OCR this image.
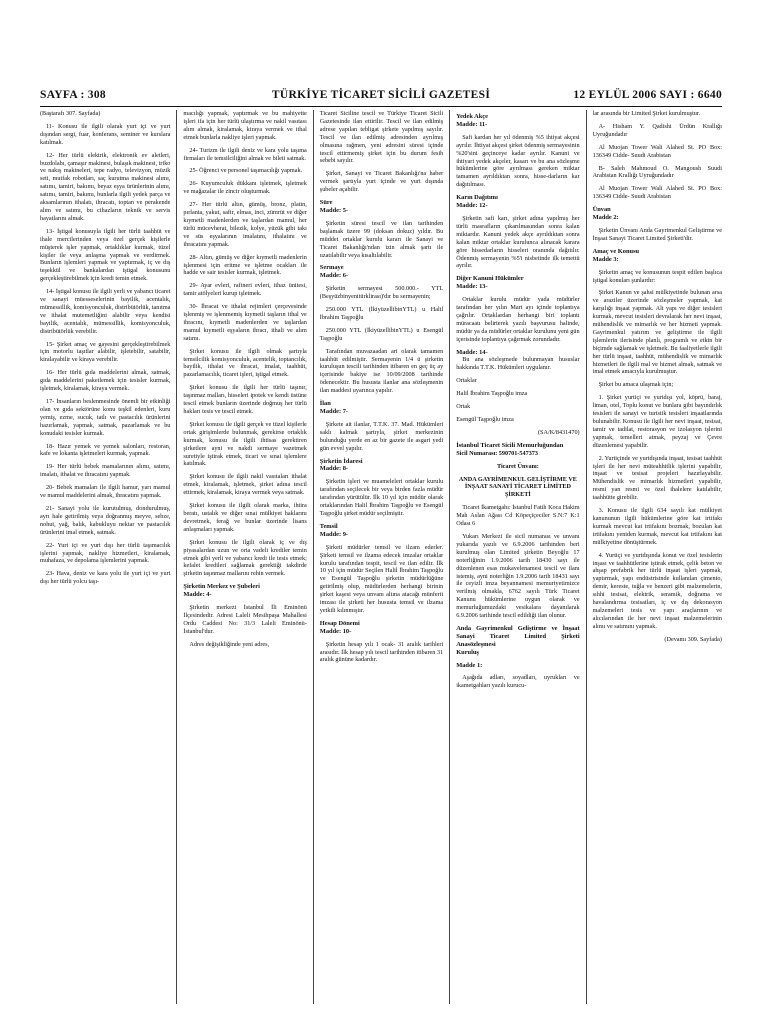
SAYFA : 308	TÜRKİYE TİCARET SİCİLİ GAZETESİ	12 EYLÜL 2006 SAYI : 6640

(Baştarafı 307. Sayfada)

11- Konusu ile ilgili olarak yurt içi ve yurt dışından sergi, fuar, konferans, seminer ve kurslara katılmak.

12- Her türlü elektrik, elektronik ev aletleri, buzdolabı, çamaşır makinesi, bulaşık makinesi, triko ve nakış makineleri, tepe radyo, televizyon, müzik seti, mutfak robotları, saç kurutma makinesi alımı, satımı, tamiri, bakımı, beyaz eşya ürünlerinin alımı, satımı, tamiri, bakımı, bunlarla ilgili yedek parça ve aksamlarının ithalatı, ihracatı, toptan ve perakende alım ve satımı, bu cihazların teknik ve servis hayatlarını almak.

13- İştigal konusuyla ilgili her türlü taahhüt ve ihale mercilerinden veya özel gerçek kişilerle müşterek işler yapmak, ortaklıklar kurmak, tüzel kişiler ile veya anlaşma yapmak ve verdirmek. Bunların işlemleri yapmak ve yaptırmak, iç ve dış teşekkül ve bankalardan iştigal konusunu gerçekleştirebilmek için kredi temin etmek.

14- İştigal konusu ile ilgili yerli ve yabancı ticaret ve sanayi müesseselerinin bayilik, acentalık, mümessillik, komisyonculuk, distribütörlük, tanıtma ve ithalat mutemetliğini alabilir veya kendisi bayilik, acentalık, mümessillik, komisyonculuk, distribütörlük verebilir.

15- Şirket amaç ve gayesini gerçekleştirebilmek için motorlu taşıtlar alabilir, işletebilir, satabilir, kiralayabilir ve kiraya verebilir.

16- Her türlü gıda maddelerini almak, satmak, gıda maddelerini paketlemek için tesisler kurmak, işletmek, kiralamak, kiraya vermek.

17- İnsanların beslenmesinde önemli bir etkinliği olan ve gıda sektörüne konu teşkil edenleri, kuru yemiş, ezme, sucuk, tatlı ve pastacılık ürünlerini hazırlamak, yapmak, satmak, pazarlamak ve bu konudaki tesisler kurmak.

18- Hazır yemek ve yemek salonları, restoran, kafe ve lokanta işletmeleri kurmak, yapmak.

19- Her türlü bebek mamalarının alımı, satımı, imalatı, ithalat ve ihracatını yapmak.

20- Bebek mamaları ile ilgili hamur, yarı mamul ve mamul maddelerini almak, ihracatını yapmak.

21- Sanayi yolu ile kurutulmuş, dondurulmuş, ayrı hale getirilmiş veya doğranmış meyve, sebze, nohut, yağ, balık, kabukluyu nektar ve pastacılık ürünlerini imal etmek, satmak.

22- Yurt içi ve yurt dışı her türlü taşımacılık işlerini yapmak, nakliye hizmetleri, kiralamak, muhafaza, ve depolama işlemlerini yapmak.

23- Hava, deniz ve kara yolu ile yurt içi ve yurt dışı her türlü yolcu taşı-

macılığı yapmak, yaptırmak ve bu mahiyette işleri ifa için her türlü ulaştırma ve nakil vasıtası alım almak, kiralamak, kiraya vermek ve ithal etmek bunlarla nakliye işleri yapmak.

24- Turizm ile ilgili deniz ve kara yolu taşıma firmaları ile temsilciliğini almak ve bileti satmak.

25- Öğrenci ve personel taşımacılığı yapmak.

26- Kuyumculuk dükkanı işletmek, işletmek ve mağazalar ile zincir oluşturmak.

27- Her türlü altın, gümüş, bronz, platin, pırlanta, yakut, safir, elmas, inci, zümrüt ve diğer kıymetli madenlerden ve taşlardan mamul, her türlü mücevherat, bilezik, kolye, yüzük gibi takı ve süs eşyalarının imalatını, ithalatını ve ihracatını yapmak.

28- Altın, gümüş ve diğer kıymetli madenlerin işlenmesi için eritme ve işletme ocakları ile hadde ve sair tesisler kurmak, işletmek.

29- Ayar evleri, rafineri evleri, ithaz ünitesi, tamir atölyeleri kurup işletmek.

30- İhracat ve ithalat rejimleri çerçevesinde işlenmiş ve işlenmemiş kıymetli taşların ithal ve ihracını, kıymetli madenlerden ve taşlardan mamul kıymetli eşyaların ihracı, ithali ve alım satımı.

Şirket konusu ile ilgili olmak şartıyla temsilcilik komisyonculuk, acentelik, toptancılık, bayilik, ithalat ve ihracat, imalat, taahhüt, pazarlamacılık, ticaret işleri, iştigal etmek.

Şirket konusu ile ilgili her türlü taşınır, taşınmaz malları, hisseleri ipotek ve kendi üstüne tescil etmek bunların üzerinde doğmuş her türlü hakları tesis ve tescil etmek.

Şirket konusu ile ilgili gerçek ve tüzel kişilerle ortak girişimlerde bulunmak, gerekirse ortaklık kurmak, konusu ile ilgili ihtisas gerektiren şirketlere ayni ve nakdi sermaye vazetmek suretiyle iştirak etmek, ticari ve sınai işlemlere katılmak.

Şirket konusu ile ilgili nakil vasıtaları ithalat etmek, kiralamak, işletmek, şirket adına tescil ettirmek, kiralamak, kiraya vermek veya satmak.

Şirket konusu ile ilgili olarak marka, ihtira beratı, ustalık ve diğer sınai mülkiyet haklarını devretmek, ferağ ve bunlar üzerinde lisans anlaşmaları yapmak.

Şirket konusu ile ilgili olarak iç ve dış piyasalardan uzun ve orta vadeli krediler temin etmek gibi yerli ve yabancı kredi ile tesis etmek; kefalet kredileri sağlamak gerektiği takdirde şirketin taşınmaz mallarını rehin vermek.

Şirketin Merkez ve Şubeleri
Madde: 4-

Şirketin merkezi İstanbul İli Eminönü İlçesindedir. Adresi Laleli Mesihpaşa Mahallesi Ordu Caddesi No: 31/3 Laleli Eminönü- İstanbul'dur.

Adres değişikliğinde yeni adres,

Ticaret Siciline tescil ve Türkiye Ticaret Sicili Gazetesinde ilan ettirilir. Tescil ve ilan edilmiş adrese yapılan tebligat şirkete yapılmış sayılır. Tescil ve ilan edilmiş adresinden ayrılmış olmasına rağmen, yeni adresini süresi içinde tescil ettirmemiş şirket için bu durum fesih sebebi sayılır.

Şirket, Sanayi ve Ticaret Bakanlığı'na haber vermek şartıyla yurt içinde ve yurt dışında şubeler açabilir.

Süre
Madde: 5-

Şirketin süresi tescil ve ilan tarihinden başlamak üzere 99 (doksan dokuz) yıldır. Bu müddet ortaklar kurulu kararı ile Sanayi ve Ticaret Bakanlığı'ndan izin almak şartı ile uzatılabilir veya kısaltılabilir.

Sermaye
Madde: 6-

Şirketin sermayesi 500.000.- YTL (Beşyüzbinyenitürklirası)'dır bu sermayenin;

250.000 YTL (İkiyüzellibinYTL) u Halil İbrahim Taşpoğlu

250.000 YTL (İkiyüzellibinYTL) u Esengül Taşpoğlu

Tarafından muvazaadan ari olarak tamamen taahhüt edilmiştir. Sermayenin 1/4 ü şirketin kuruluşun tescili tarihinden itibaren en geç üç ay içerisinde bakiye ise 10/09/2008 tarihinde ödenecektir. Bu hususta ilanlar ana sözleşmenin ilan maddesi uyarınca yapılır.

İlan
Madde: 7-

Şirkete ait ilanlar, T.T.K. 37. Mad. Hükümleri saklı kalmak şartıyla, şirket merkezinin bulunduğu yerde en az bir gazete ile asgari yedi gün evvel yapılır.

Şirketin İdaresi
Madde: 8-

Şirketin işleri ve muameleleri ortaklar kurulu tarafından seçilecek bir veya birden fazla müdür tarafından yürütülür. İlk 10 yıl için müdür olarak ortaklarından Halil İbrahim Taşpoğlu ve Esengül Taşpoğlu şirket müdür seçilmiştir.

Temsil
Madde: 9-

Şirketi müdürler temsil ve ilzam ederler. Şirketi temsil ve ilzama edecek imzalar ortaklar kurulu tarafından tespit, tescil ve ilan edilir. İlk 10 yıl için müdür Seçilen Halil İbrahim Taşpoğlu ve Esengül Taşpoğlu şirketin müdürlüğüne getirilmiş olup, müdürlerden herhangi birinin şirket kaşesi veya unvanı altına atacağı münferit imzası ile şirketi her hususta temsil ve ilzama yetkili kılınmıştır.

Hesap Dönemi
Madde: 10-

Şirketin hesap yılı 1 ocak- 31 aralık tarihleri arasıdır. İlk hesap yılı tescil tarihinden itibaren 31 aralık gününe kadardır.

Yedek Akçe
Madde: 11-

Safi kardan her yıl ödenmiş %5 ihtiyat akçesi ayrılır. İhtiyat akçesi şirket ödenmiş sermayesinin %20'sini geçinceye kadar ayrılır. Kanuni ve ihtiyari yedek akçeler, kasarı ve bu ana sözleşme hükümlerine göre ayrılması gereken miktar tamamen ayrıldıktan sonra, hisse-darların kar dağıtılması.

Karın Dağıtımı
Madde: 12-

Şirketin safi karı, şirket adına yapılmış her türlü masrafların çıkarılmasından sonra kalan miktardır. Kanuni yedek akçe ayrıldıktan sonra kalan miktar ortaklar kurulunca alınacak karara göre hissedarların hisseleri oranında dağıtılır. Ödenmiş sermayenin %5'i nisbetinde ilk temettü ayrılır.

Diğer Kanuni Hükümler
Madde: 13-

Ortaklar kurulu müdür yada müdürler tarafından her yılın Mart ayı içinde toplantıya çağrılır. Ortaklardan herhangi biri toplantı müracaatı belirterek yazılı başvurusu halinde, müdür ya da müdürler ortaklar kurulunu yeni gün içerisinde toplantıya çağırmak zorundadır.

Madde: 14-

Bu ana sözleşmede bulunmayan hususlar hakkında T.T.K. Hükümleri uygulanır.

Ortaklar

Halil İbrahim Taşpoğlu imza

Ortak

Esengül Taşpoğlu imza

(SA/K/8431470)

İstanbul Ticaret Sicili Memurluğundan

Sicil Numarası: 590701-547373

Ticaret Ünvanı:

ANDA GAYRİMENKUL GELİŞTİRME VE İNŞAAT SANAYİ TİCARET LİMİTED ŞİRKETİ

Ticaret İkametgahı: İstanbul Fatih Koca Hakim Mah Aslan Ağası Cd Köpeçiçeciler S.N:7 K:1 Odası 6

Yukarı Merkezi ile sicil numarası ve unvanı yukarıda yazılı ve 6.9.2006 tarihinden beri kurulmuş olan Limited şirketin Beyoğlu 17 noterliğinin 1.9.2006 tarih 18430 sayı ile düzenlenen esas mukavelenamesi tescil ve ilanı istemiş, ayni noterliğin 1.9.2006 tarih 18431 sayı ile ceyizli imza beyannamesi memuriyetimizce verilmiş olmakla, 6762 sayılı Türk Ticaret Kanunu hükümlerine uygun olarak ve memurluğumuzdaki vesikalara dayanılarak 6.9.2006 tarihinde tescil edildiği ilan olunur.

Anda Gayrimenkul Geliştirme ve İnşaat Sanayi Ticaret Limited Şirketi Anasözleşmesi
Kuruluş
Madde 1:

Aşağıda adları, soyadları, uyrukları ve ikametgahları yazılı kurucu-

lar arasında bir Limited Şirket kurulmuştur.

A- Hisham Y. Qadishi Ürdün Krallığı Uyruğundadır

Al Muojan Tower Wali Alahed St. PO Box: 136349 Cidde- Suudi Arabistan

B- Saleh Mahmoud O. Mangoush Suudi Arabistan Krallığı Uyruğundadır

Al Muojan Tower Wali Alahed St. PO Box: 136349 Cidde- Suudi Arabistan

Ünvan
Madde 2:

Şirketin Ünvanı Anda Gayrimenkul Geliştirme ve İnşaat Sanayi Ticaret Limited Şirketi'dir.

Amaç ve Konusu
Madde 3:

Şirketin amaç ve konusunun tespit edilen başlıca iştigal konuları şunlardır:

Şirket Kanun ve şahsi mülkiyetinde bulunan arsa ve araziler üzerinde sözleşmeler yapmak, kat karşılığı inşaat yapmak. Alt yapı ve diğer tesisleri kurmak, mevcut tesisleri devralarak her nevi inşaat, mühendislik ve mimarlık ve her hizmeti yapmak. Gayrimenkul yatırım ve geliştirme ile ilgili işlemlerin ilerisinde planlı, programlı ve etkin bir biçimde sağlamak ve işletmek. Bu faaliyetlerle ilgili her türlü inşaat, taahhüt, mühendislik ve mimarlık hizmetleri ile ilgili mal ve hizmet almak, satmak ve imal etmek amacıyla kurulmuştur.

Şirket bu amaca ulaşmak için;

1. Şirket yurtiçi ve yurtdışı yol, köprü, baraj, liman, otel, Toplu konut ve bunlara gibi bayındırlık tesisleri ile sanayi ve turistik tesisleri inşaatlarında bulunabilir. Konusu ile ilgili her nevi inşaat, tesisat, tamir ve tadilat, restorasyon ve izolasyon işlerini yapmak, temelleri atmak, peyzaj ve Çevre düzenlemesi yapabilir.

2. Yurtiçinde ve yurtdışında inşaat, tesisat taahhüt işleri ile her nevi müteahhitlik işlerini yapabilir, inşaat ve tesisat projeleri hazırlayabilir. Mühendislik ve mimarlık hizmetleri yapabilir, resmi yan resmi ve özel ihalelere katılabilir, taahhütte girebilir.

3. Konusu ile ilgili 634 sayılı kat mülkiyet kanununun ilgili hükümlerine göre kat irtifakı kurmak mevcut kat irtifakını bozmak, bozulan kat irtifakını yeniden kurmak, mevcut kat irtifakını kat mülkiyetine dönüştürmek.

4. Yurtiçi ve yurtdışında konut ve özel tesislerin inşası ve taahhütlerine iştirak etmek, çelik beton ve ahşap prefabrik her türlü inşaat işleri yapmak, yaptırmak, yapı endüstrisinde kullanılan çimento, demir, kereste, tuğla ve benzeri gibi malzemelerin, sıhhi tesisat, elektrik, seramik, doğrama ve havalandırma tesisatları, iç ve dış dekorasyon malzemeleri tesis ve yapı araçlarının ve alıcılarından ile her nevi inşaat malzemelerinin alımı ve satımını yapmak.

(Devamı 309. Sayfada)
